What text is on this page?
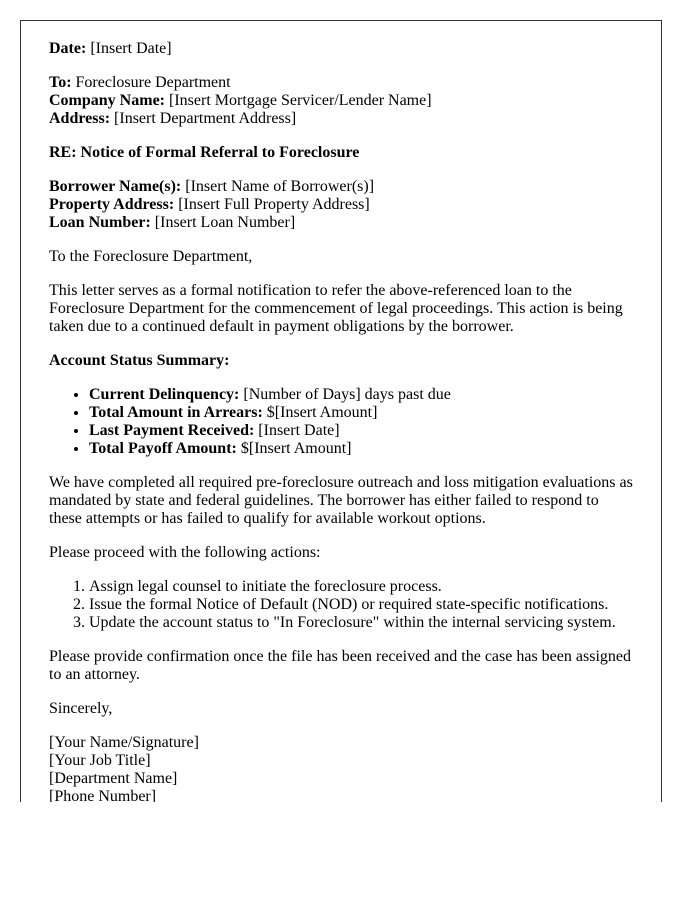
Date: [Insert Date]

To: Foreclosure Department
Company Name: [Insert Mortgage Servicer/Lender Name]
Address: [Insert Department Address]

RE: Notice of Formal Referral to Foreclosure

Borrower Name(s): [Insert Name of Borrower(s)]
Property Address: [Insert Full Property Address]
Loan Number: [Insert Loan Number]

To the Foreclosure Department,

This letter serves as a formal notification to refer the above-referenced loan to the Foreclosure Department for the commencement of legal proceedings. This action is being taken due to a continued default in payment obligations by the borrower.

Account Status Summary:

• Current Delinquency: [Number of Days] days past due
• Total Amount in Arrears: $[Insert Amount]
• Last Payment Received: [Insert Date]
• Total Payoff Amount: $[Insert Amount]

We have completed all required pre-foreclosure outreach and loss mitigation evaluations as mandated by state and federal guidelines. The borrower has either failed to respond to these attempts or has failed to qualify for available workout options.

Please proceed with the following actions:

1. Assign legal counsel to initiate the foreclosure process.
2. Issue the formal Notice of Default (NOD) or required state-specific notifications.
3. Update the account status to "In Foreclosure" within the internal servicing system.

Please provide confirmation once the file has been received and the case has been assigned to an attorney.

Sincerely,

[Your Name/Signature]
[Your Job Title]
[Department Name]
[Phone Number]
